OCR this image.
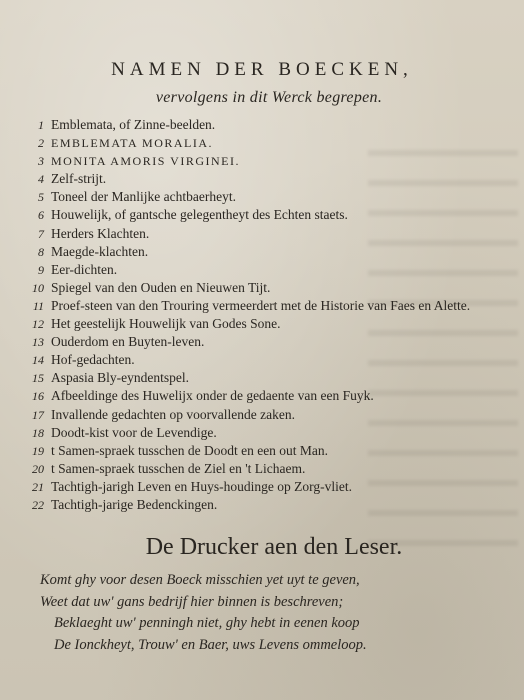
NAMEN DER BOECKEN,
vervolgens in dit Werck begrepen.
1 Emblemata, of Zinne-beelden.
2 EMBLEMATA MORALIA.
3 MONITA AMORIS VIRGINEI.
4 Zelf-strijt.
5 Toneel der Manlijke achtbaerheyt.
6 Houwelijk, of gantsche gelegentheyt des Echten staets.
7 Herders Klachten.
8 Maegde-klachten.
9 Eer-dichten.
10 Spiegel van den Ouden en Nieuwen Tijt.
11 Proef-steen van den Trouring vermeerdert met de Historie van Faes en Alette.
12 Het geestelijk Houwelijk van Godes Sone.
13 Ouderdom en Buyten-leven.
14 Hof-gedachten.
15 Aspasia Bly-eyndentspel.
16 Afbeeldinge des Huwelijx onder de gedaente van een Fuyk.
17 Invallende gedachten op voorvallende zaken.
18 Doodt-kist voor de Levendige.
19 t Samen-spraek tusschen de Doodt en een out Man.
20 t Samen-spraek tusschen de Ziel en 't Lichaem.
21 Tachtigh-jarigh Leven en Huys-houdinge op Zorg-vliet.
22 Tachtigh-jarige Bedenckingen.
De Drucker aen den Leser.
Komt ghy voor desen Boeck misschien yet uyt te geven,
Weet dat uw' gans bedrijf hier binnen is beschreven;
Beklaeght uw' penningh niet, ghy hebt in eenen koop
De Ionckheyt, Trouw' en Baer, uws Levens ommeloop.
